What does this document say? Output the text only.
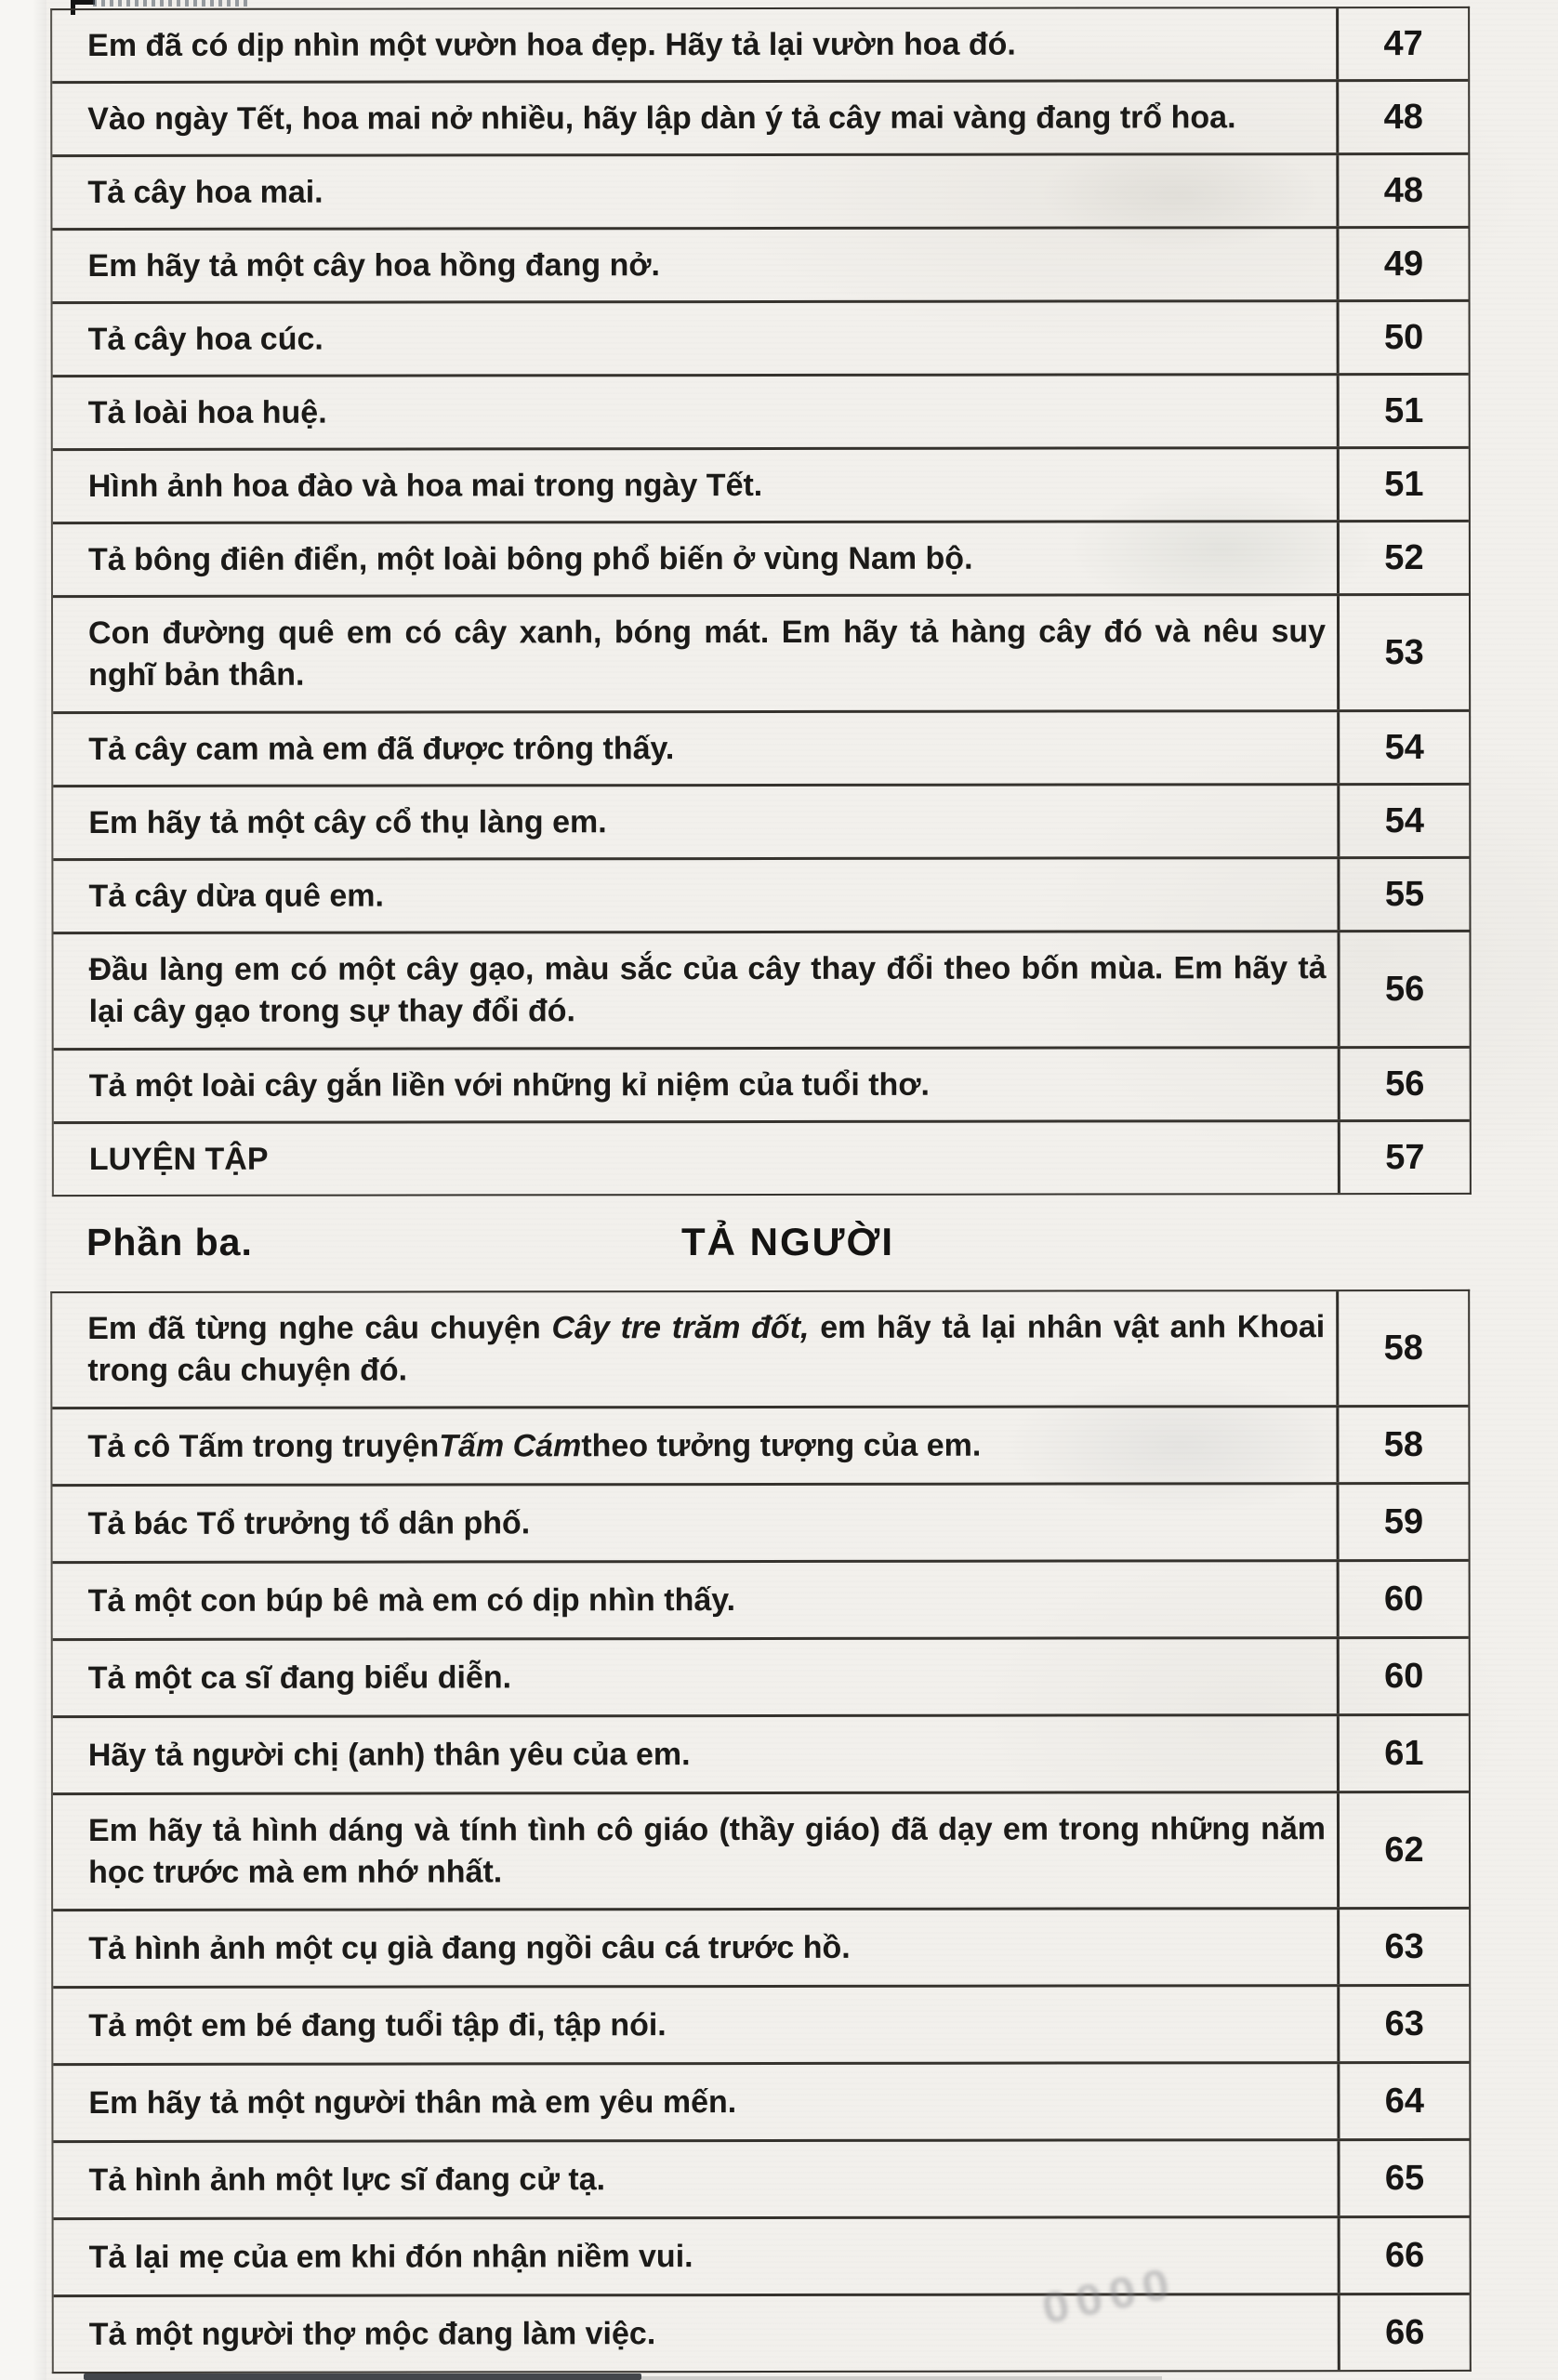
Em đã có dịp nhìn một vườn hoa đẹp. Hãy tả lại vườn hoa đó.	47
Vào ngày Tết, hoa mai nở nhiều, hãy lập dàn ý tả cây mai vàng đang trổ hoa.	48
Tả cây hoa mai.	48
Em hãy tả một cây hoa hồng đang nở.	49
Tả cây hoa cúc.	50
Tả loài hoa huệ.	51
Hình ảnh hoa đào và hoa mai trong ngày Tết.	51
Tả bông điên điển, một loài bông phổ biến ở vùng Nam bộ.	52
Con đường quê em có cây xanh, bóng mát. Em hãy tả hàng cây đó và nêu suy nghĩ bản thân.
53
Tả cây cam mà em đã được trông thấy.	54
Em hãy tả một cây cổ thụ làng em.	54
Tả cây dừa quê em.	55
Đầu làng em có một cây gạo, màu sắc của cây thay đổi theo bốn mùa. Em hãy tả lại cây gạo trong sự thay đổi đó.
56
Tả một loài cây gắn liền với những kỉ niệm của tuổi thơ.	56
LUYỆN TẬP	57
Phần ba.	TẢ NGƯỜI
Em đã từng nghe câu chuyện Cây tre trăm đốt, em hãy tả lại nhân vật anh Khoai trong câu chuyện đó.
58
Tả cô Tấm trong truyện Tấm Cám theo tưởng tượng của em.	58
Tả bác Tổ trưởng tổ dân phố.	59
Tả một con búp bê mà em có dịp nhìn thấy.	60
Tả một ca sĩ đang biểu diễn.	60
Hãy tả người chị (anh) thân yêu của em.	61
Em hãy tả hình dáng và tính tình cô giáo (thầy giáo) đã dạy em trong những năm học trước mà em nhớ nhất.
62
Tả hình ảnh một cụ già đang ngồi câu cá trước hồ.	63
Tả một em bé đang tuổi tập đi, tập nói.	63
Em hãy tả một người thân mà em yêu mến.	64
Tả hình ảnh một lực sĩ đang cử tạ.	65
Tả lại mẹ của em khi đón nhận niềm vui.	66
Tả một người thợ mộc đang làm việc.	66
0000
